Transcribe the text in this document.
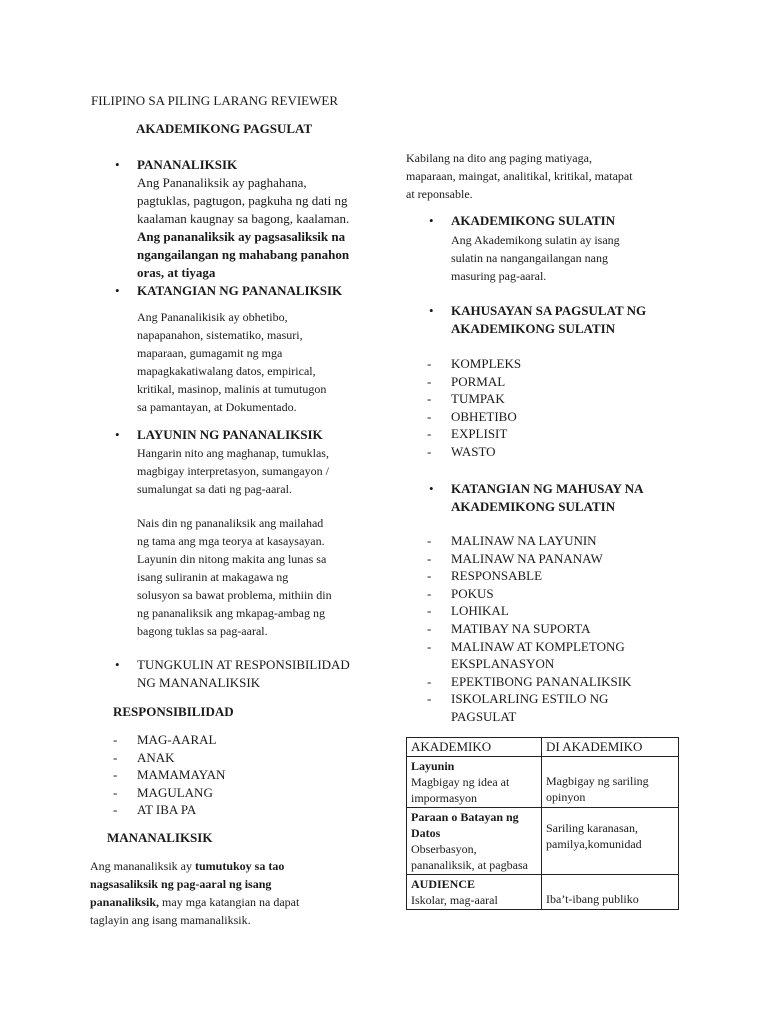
FILIPINO SA PILING LARANG REVIEWER
AKADEMIKONG PAGSULAT
• PANANALIKSIK
Ang Pananaliksik ay paghahana,
pagtuklas, pagtugon, pagkuha ng dati ng
kaalaman kaugnay sa bagong, kaalaman.
Ang pananaliksik ay pagsasaliksik na
ngangailangan ng mahabang panahon
oras, at tiyaga
• KATANGIAN NG PANANALIKSIK
Ang Pananalikisik ay obhetibo,
napapanahon, sistematiko, masuri,
maparaan, gumagamit ng mga
mapagkakatiwalang datos, empirical,
kritikal, masinop, malinis at tumutugon
sa pamantayan, at Dokumentado.
• LAYUNIN NG PANANALIKSIK
Hangarin nito ang maghanap, tumuklas,
magbigay interpretasyon, sumangayon /
sumalungat sa dati ng pag-aaral.
Nais din ng pananaliksik ang mailahad
ng tama ang mga teorya at kasaysayan.
Layunin din nitong makita ang lunas sa
isang suliranin at makagawa ng
solusyon sa bawat problema, mithiin din
ng pananaliksik ang mkapag-ambag ng
bagong tuklas sa pag-aaral.
• TUNGKULIN AT RESPONSIBILIDAD
NG MANANALIKSIK
RESPONSIBILIDAD
- MAG-AARAL
- ANAK
- MAMAMAYAN
- MAGULANG
- AT IBA PA
MANANALIKSIK
Ang mananaliksik ay tumutukoy sa tao
nagsasaliksik ng pag-aaral ng isang
pananaliksik, may mga katangian na dapat
taglayin ang isang mamanaliksik.
Kabilang na dito ang paging matiyaga,
maparaan, maingat, analitikal, kritikal, matapat
at reponsable.
• AKADEMIKONG SULATIN
Ang Akademikong sulatin ay isang
sulatin na nangangailangan nang
masuring pag-aaral.
• KAHUSAYAN SA PAGSULAT NG
AKADEMIKONG SULATIN
- KOMPLEKS
- PORMAL
- TUMPAK
- OBHETIBO
- EXPLISIT
- WASTO
• KATANGIAN NG MAHUSAY NA
AKADEMIKONG SULATIN
- MALINAW NA LAYUNIN
- MALINAW NA PANANAW
- RESPONSABLE
- POKUS
- LOHIKAL
- MATIBAY NA SUPORTA
- MALINAW AT KOMPLETONG
EKSPLANASYON
- EPEKTIBONG PANANALIKSIK
- ISKOLARLING ESTILO NG
PAGSULAT
AKADEMIKO	DI AKADEMIKO

Layunin
Magbigay ng idea at impormasyon	Magbigay ng sariling opinyon

Paraan o Batayan ng Datos
Obserbasyon, pananaliksik, at pagbasa	Sariling karanasan, pamilya,komunidad

AUDIENCE
Iskolar, mag-aaral	Iba’t-ibang publiko
